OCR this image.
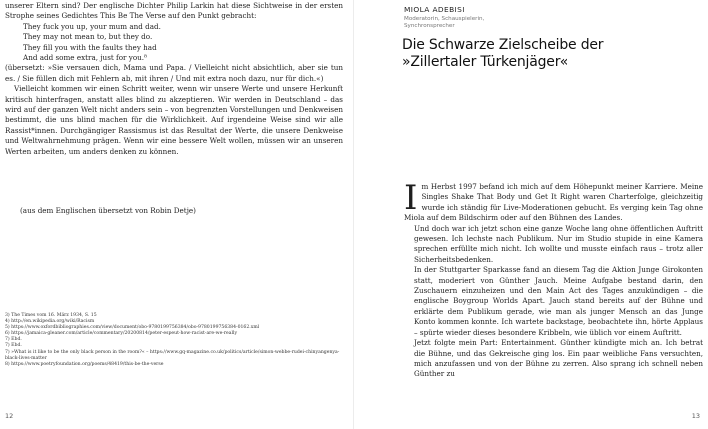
unserer Eltern sind? Der englische Dichter Philip Larkin hat diese Sichtweise in der ersten Strophe seines Gedichtes This Be The Verse auf den Punkt gebracht:

They fuck you up, your mum and dad.
They may not mean to, but they do.
They fill you with the faults they had
And add some extra, just for you.⁸

(übersetzt: »Sie versauen dich, Mama und Papa. / Vielleicht nicht absichtlich, aber sie tun es. / Sie füllen dich mit Fehlern ab, mit ihren / Und mit extra noch dazu, nur für dich.«)

Vielleicht kommen wir einen Schritt weiter, wenn wir unsere Werte und unsere Herkunft kritisch hinterfragen, anstatt alles blind zu akzeptieren. Wir werden in Deutschland – das wird auf der ganzen Welt nicht anders sein – von begrenzten Vorstellungen und Denkweisen bestimmt, die uns blind machen für die Wirklichkeit. Auf irgendeine Weise sind wir alle Rassist*innen. Durchgängiger Rassismus ist das Resultat der Werte, die unsere Denkweise und Weltwahrnehmung prägen. Wenn wir eine bessere Welt wollen, müssen wir an unseren Werten arbeiten, um anders denken zu können.

(aus dem Englischen übersetzt von Robin Detje)
3) The Times vom 16. März 1934, S. 15
4) http://en.wikipedia.org/wiki/Racism
5) https://www.oxfordbibliographies.com/view/document/obo-9780199756384/obo-9780199756384-0162.xml
6) https://jamaica-gleaner.com/article/commentary/20200814/peter-espeut-how-racist-are-we-really
7) Ebd.
7) Ebd.
7) »What is it like to be the only black person in the room?« – https://www.gq-magazine.co.uk/politics/article/simon-webbe-rudei-chinyangenya-black-lives-matter
8) https://www.poetryfoundation.org/poems/48419/this-be-the-verse
12
MIOLA ADEBISI
Moderatorin, Schauspielerin,
Synchronsprecher
Die Schwarze Zielscheibe der
»Zillertaler Türkenjäger«
I m Herbst 1997 befand ich mich auf dem Höhepunkt meiner Karriere. Meine Singles Shake That Body und Get It Right waren Charterfolge, gleichzeitig wurde ich ständig für Live-Moderationen gebucht. Es verging kein Tag ohne Miola auf dem Bildschirm oder auf den Bühnen des Landes.

Und doch war ich jetzt schon eine ganze Woche lang ohne öffentlichen Auftritt gewesen. Ich lechste nach Publikum. Nur im Studio stupide in eine Kamera sprechen erfüllte mich nicht. Ich wollte und musste einfach raus – trotz aller Sicherheitsbedenken.

In der Stuttgarter Sparkasse fand an diesem Tag die Aktion Junge Girokonten statt, moderiert von Günther Jauch. Meine Aufgabe bestand darin, den Zuschauern einzuheizen und den Main Act des Tages anzukündigen – die englische Boygroup Worlds Apart. Jauch stand bereits auf der Bühne und erklärte dem Publikum gerade, wie man als junger Mensch an das Junge Konto kommen konnte. Ich wartete backstage, beobachtete ihn, hörte Applaus – spürte wieder dieses besondere Kribbeln, wie üblich vor einem Auftritt.

Jetzt folgte mein Part: Entertainment. Günther kündigte mich an. Ich betrat die Bühne, und das Gekreische ging los. Ein paar weibliche Fans versuchten, mich anzufassen und von der Bühne zu zerren. Also sprang ich schnell neben Günther zu

13
